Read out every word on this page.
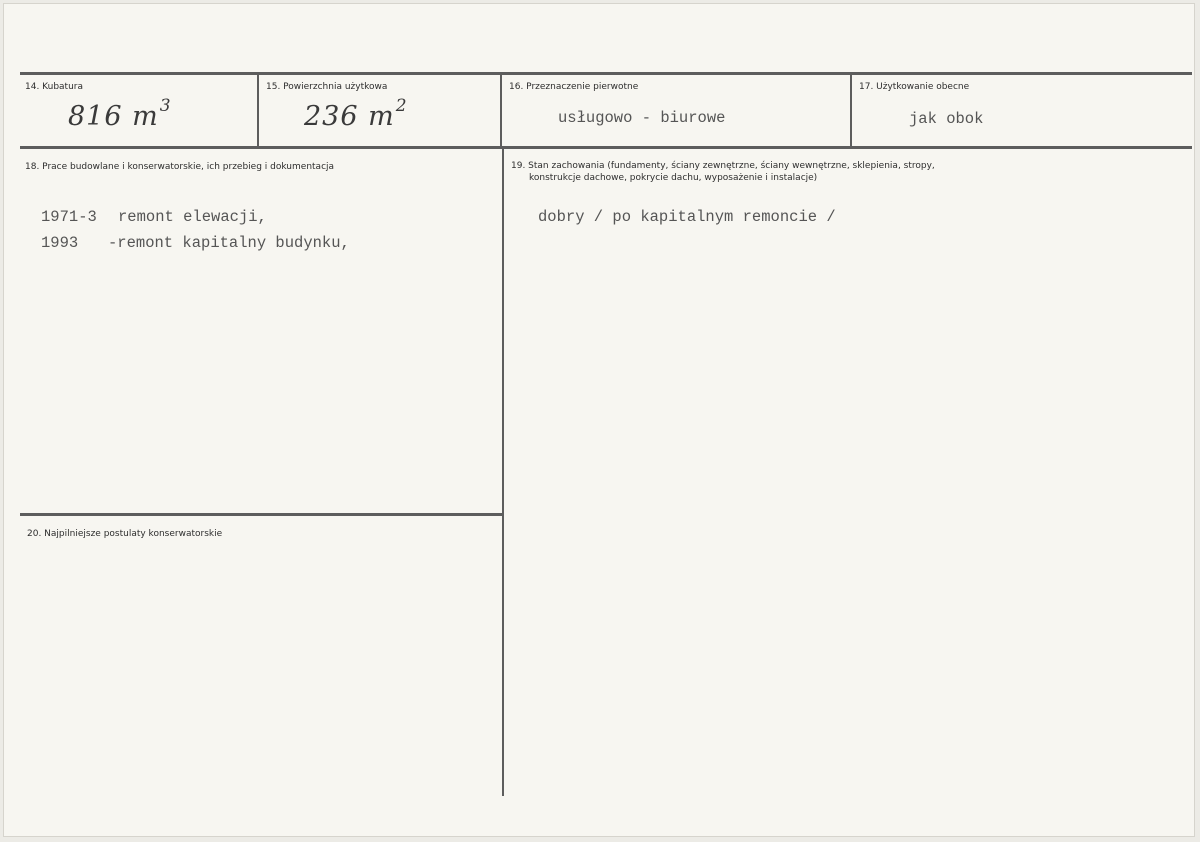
14. Kubatura
816 $m^3$
15. Powierzchnia użytkowa
236 $m^2$
16. Przeznaczenie pierwotne
usługowo - biurowe
17. Użytkowanie obecne
jak obok
18. Prace budowlane i konserwatorskie, ich przebieg i dokumentacja
1971-3 remont elewacji,
1993 -remont kapitalny budynku,
19. Stan zachowania (fundamenty, ściany zewnętrzne, ściany wewnętrzne, sklepienia, stropy,
konstrukcje dachowe, pokrycie dachu, wyposażenie i instalacje)
dobry / po kapitalnym remoncie /
20. Najpilniejsze postulaty konserwatorskie
